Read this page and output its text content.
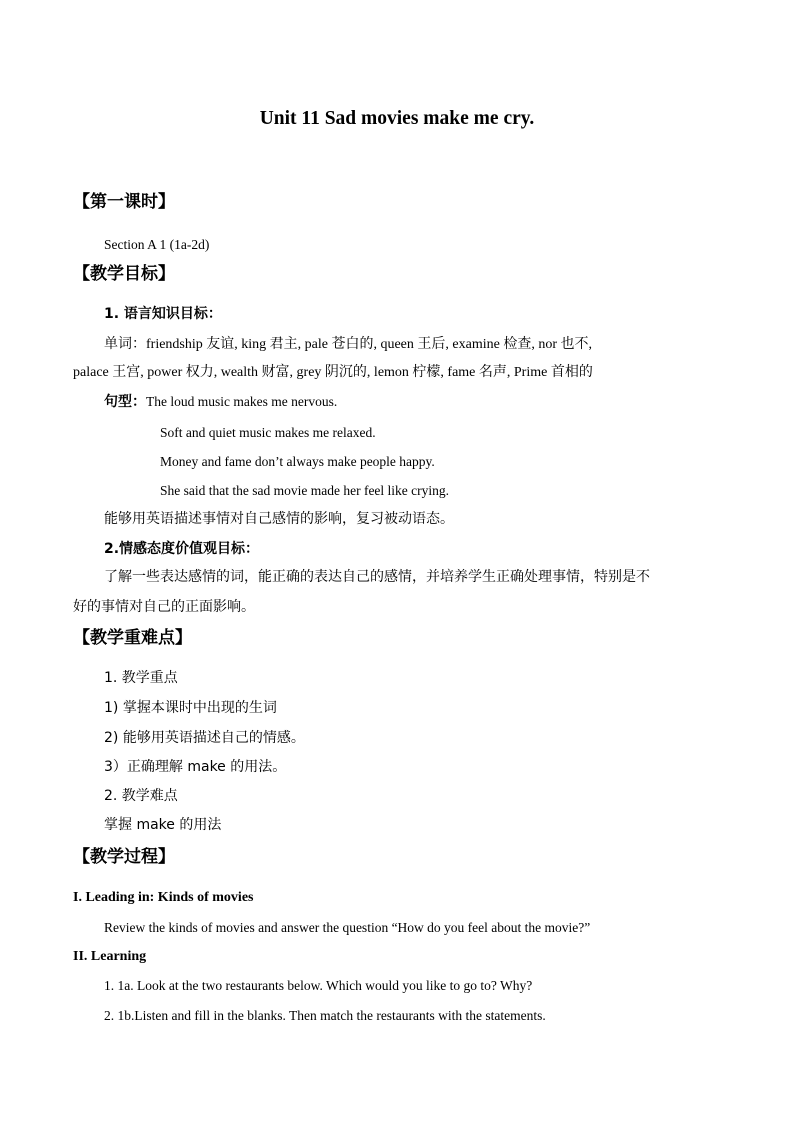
Unit 11 Sad movies make me cry.
【第一课时】
Section A 1 (1a-2d)
【教学目标】
1. 语言知识目标：
单词：friendship 友谊, king 君主, pale 苍白的, queen 王后, examine 检查, nor 也不,
palace 王宫, power 权力, wealth 财富, grey 阴沉的, lemon 柠檬, fame 名声, Prime 首相的
句型：The loud music makes me nervous.
Soft and quiet music makes me relaxed.
Money and fame don’t always make people happy.
She said that the sad movie made her feel like crying.
能够用英语描述事情对自己感情的影响，复习被动语态。
2.情感态度价值观目标：
了解一些表达感情的词，能正确的表达自己的感情，并培养学生正确处理事情，特别是不
好的事情对自己的正面影响。
【教学重难点】
1. 教学重点
1) 掌握本课时中出现的生词
2) 能够用英语描述自己的情感。
3）正确理解 make 的用法。
2. 教学难点
掌握 make 的用法
【教学过程】
I. Leading in: Kinds of movies
Review the kinds of movies and answer the question “How do you feel about the movie?”
II. Learning
1. 1a. Look at the two restaurants below. Which would you like to go to? Why?
2. 1b.Listen and fill in the blanks. Then match the restaurants with the statements.
